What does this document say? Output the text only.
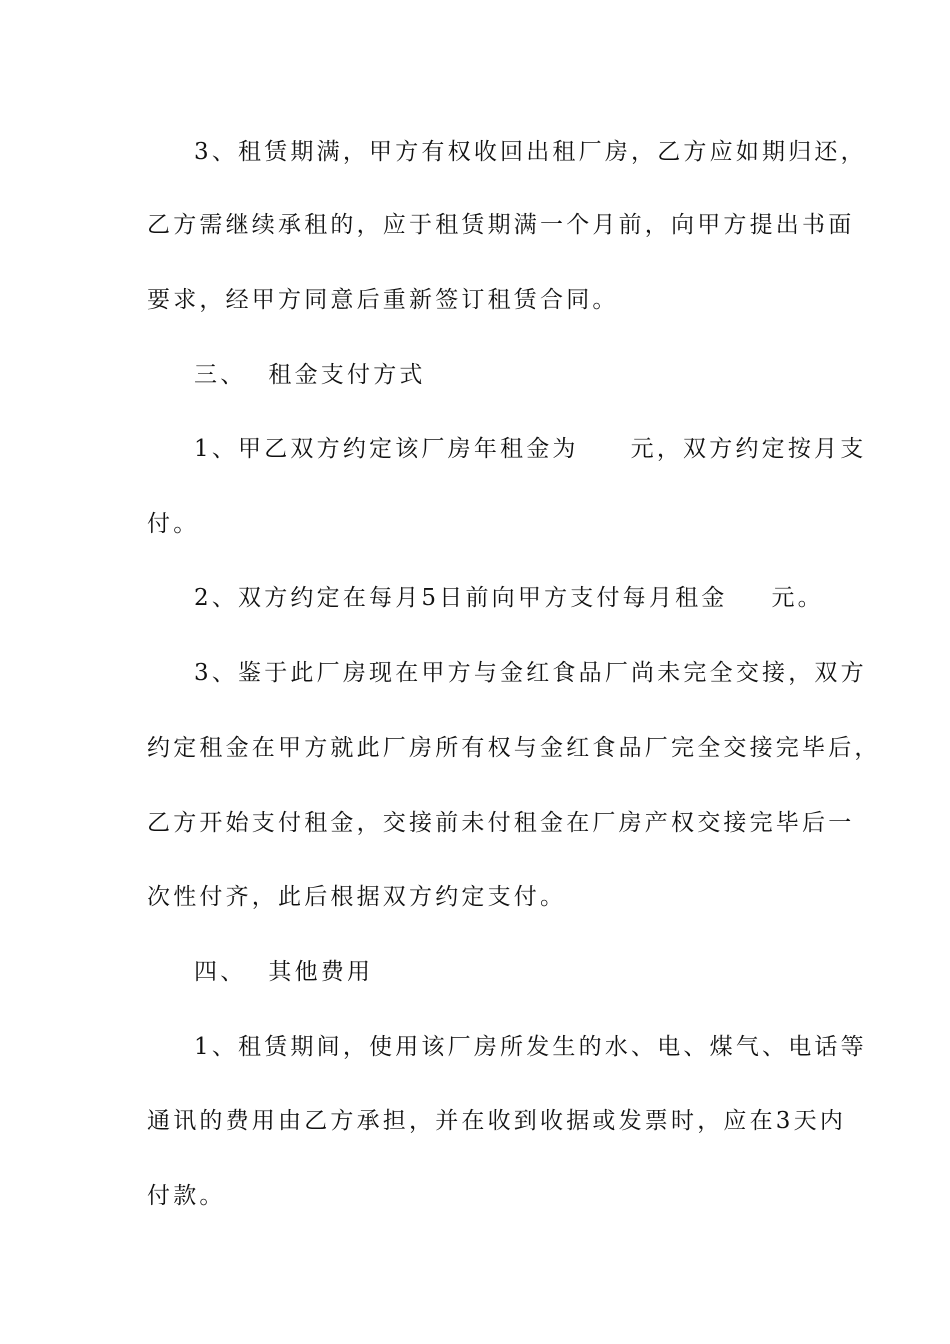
3、租赁期满，甲方有权收回出租厂房，乙方应如期归还，
乙方需继续承租的，应于租赁期满一个月前，向甲方提出书面
要求，经甲方同意后重新签订租赁合同。
三、 租金支付方式
1、甲乙双方约定该厂房年租金为 元，双方约定按月支
付。
2、双方约定在每月5日前向甲方支付每月租金 元。
3、鉴于此厂房现在甲方与金红食品厂尚未完全交接，双方
约定租金在甲方就此厂房所有权与金红食品厂完全交接完毕后，
乙方开始支付租金，交接前未付租金在厂房产权交接完毕后一
次性付齐，此后根据双方约定支付。
四、 其他费用
1、租赁期间，使用该厂房所发生的水、电、煤气、电话等
通讯的费用由乙方承担，并在收到收据或发票时，应在3天内
付款。
